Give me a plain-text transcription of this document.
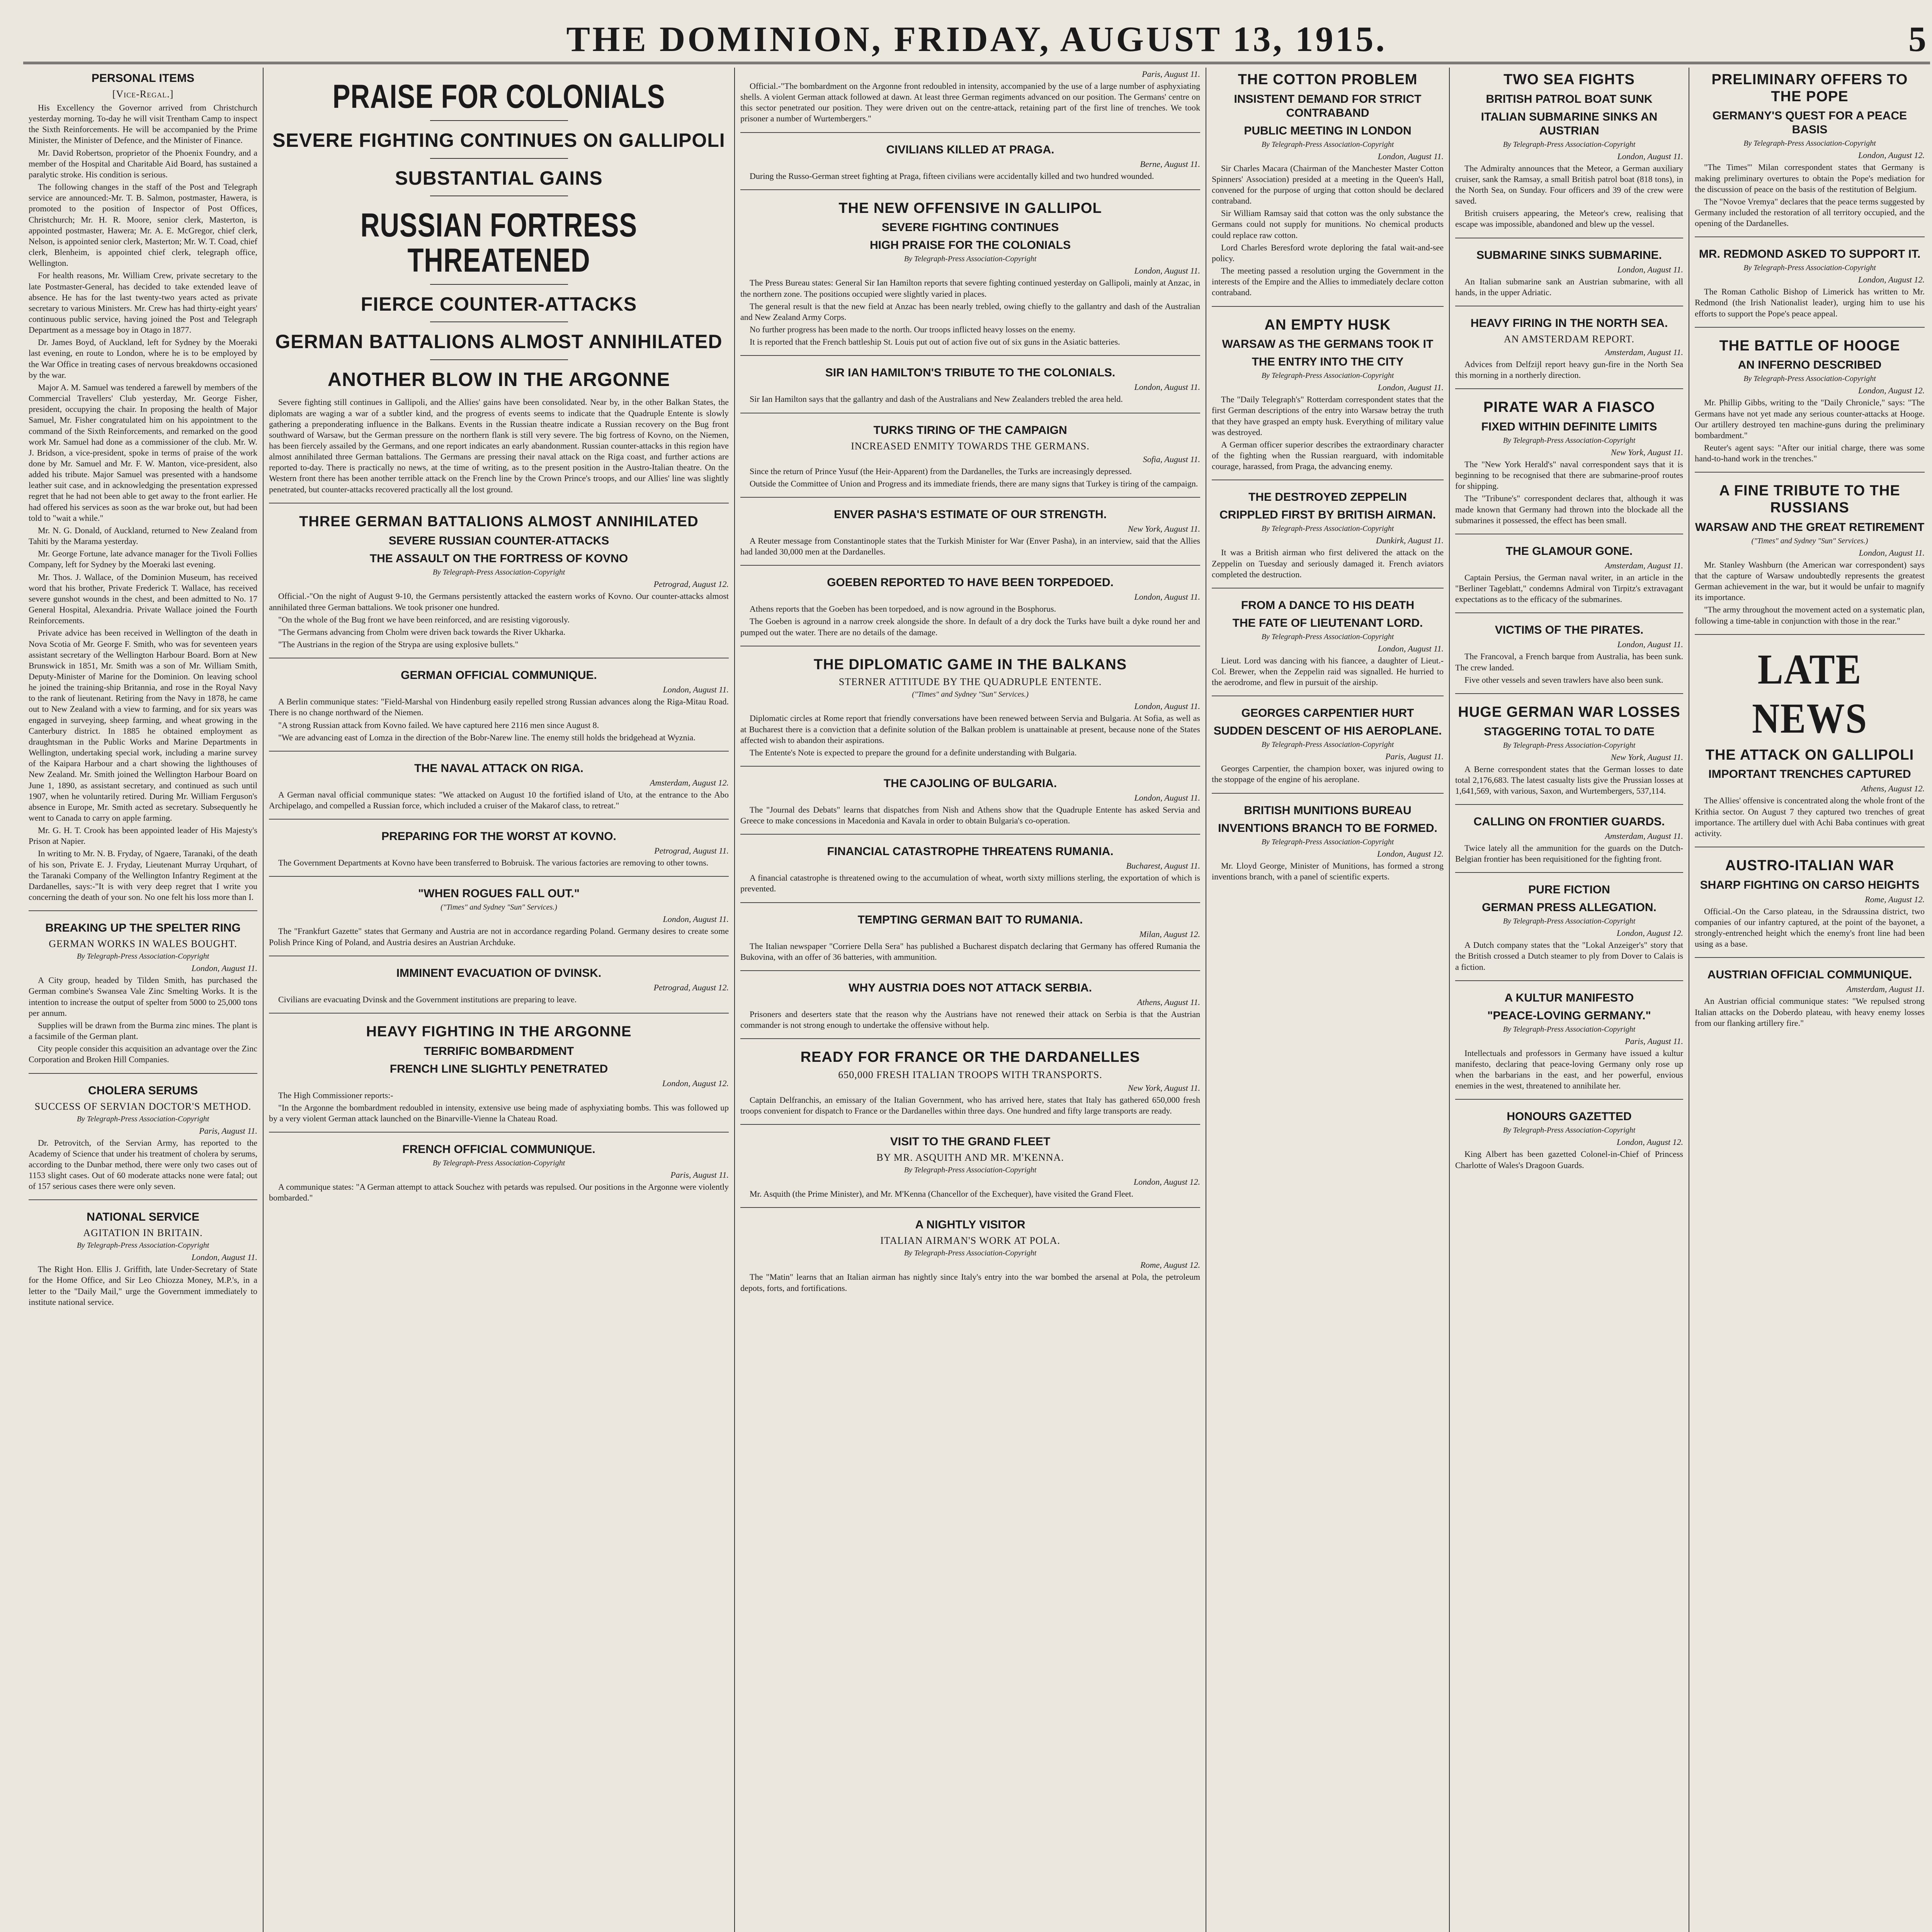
THE DOMINION, FRIDAY, AUGUST 13, 1915.	5
PERSONAL ITEMS
[Vice-Regal.]

His Excellency the Governor arrived from Christchurch yesterday morning. To-day he will visit Trentham Camp to inspect the Sixth Reinforcements. He will be accompanied by the Prime Minister, the Minister of Defence, and the Minister of Finance.

Mr. David Robertson, proprietor of the Phoenix Foundry, and a member of the Hospital and Charitable Aid Board, has sustained a paralytic stroke. His condition is serious.

The following changes in the staff of the Post and Telegraph service are announced:-Mr. T. B. Salmon, postmaster, Hawera, is promoted to the position of Inspector of Post Offices, Christchurch; Mr. H. R. Moore, senior clerk, Masterton, is appointed postmaster, Hawera; Mr. A. E. McGregor, chief clerk, Nelson, is appointed senior clerk, Masterton; Mr. W. T. Coad, chief clerk, Blenheim, is appointed chief clerk, telegraph office, Wellington.

For health reasons, Mr. William Crew, private secretary to the late Postmaster-General, has decided to take extended leave of absence. He has for the last twenty-two years acted as private secretary to various Ministers. Mr. Crew has had thirty-eight years' continuous public service, having joined the Post and Telegraph Department as a message boy in Otago in 1877.

Dr. James Boyd, of Auckland, left for Sydney by the Moeraki last evening, en route to London, where he is to be employed by the War Office in treating cases of nervous breakdowns occasioned by the war.

Major A. M. Samuel was tendered a farewell by members of the Commercial Travellers' Club yesterday, Mr. George Fisher, president, occupying the chair. In proposing the health of Major Samuel, Mr. Fisher congratulated him on his appointment to the command of the Sixth Reinforcements, and remarked on the good work Mr. Samuel had done as a commissioner of the club. Mr. W. J. Bridson, a vice-president, spoke in terms of praise of the work done by Mr. Samuel and Mr. F. W. Manton, vice-president, also added his tribute. Major Samuel was presented with a handsome leather suit case, and in acknowledging the presentation expressed regret that he had not been able to get away to the front earlier. He had offered his services as soon as the war broke out, but had been told to "wait a while."

Mr. N. G. Donald, of Auckland, returned to New Zealand from Tahiti by the Marama yesterday.

Mr. George Fortune, late advance manager for the Tivoli Follies Company, left for Sydney by the Moeraki last evening.

Mr. Thos. J. Wallace, of the Dominion Museum, has received word that his brother, Private Frederick T. Wallace, has received severe gunshot wounds in the chest, and been admitted to No. 17 General Hospital, Alexandria. Private Wallace joined the Fourth Reinforcements.

Private advice has been received in Wellington of the death in Nova Scotia of Mr. George F. Smith, who was for seventeen years assistant secretary of the Wellington Harbour Board. Born at New Brunswick in 1851, Mr. Smith was a son of Mr. William Smith, Deputy-Minister of Marine for the Dominion. On leaving school he joined the training-ship Britannia, and rose in the Royal Navy to the rank of lieutenant. Retiring from the Navy in 1878, he came out to New Zealand with a view to farming, and for six years was engaged in surveying, sheep farming, and wheat growing in the Canterbury district. In 1885 he obtained employment as draughtsman in the Public Works and Marine Departments in Wellington, undertaking special work, including a marine survey of the Kaipara Harbour and a chart showing the lighthouses of New Zealand. Mr. Smith joined the Wellington Harbour Board on June 1, 1890, as assistant secretary, and continued as such until 1907, when he voluntarily retired. During Mr. William Ferguson's absence in Europe, Mr. Smith acted as secretary. Subsequently he went to Canada to carry on apple farming.

Mr. G. H. T. Crook has been appointed leader of His Majesty's Prison at Napier.

In writing to Mr. N. B. Fryday, of Ngaere, Taranaki, of the death of his son, Private E. J. Fryday, Lieutenant Murray Urquhart, of the Taranaki Company of the Wellington Infantry Regiment at the Dardanelles, says:-"It is with very deep regret that I write you concerning the death of your son. No one felt his loss more than I.

BREAKING UP THE SPELTER RING
GERMAN WORKS IN WALES BOUGHT.
By Telegraph-Press Association-Copyright
London, August 11.

A City group, headed by Tilden Smith, has purchased the German combine's Swansea Vale Zinc Smelting Works. It is the intention to increase the output of spelter from 5000 to 25,000 tons per annum.

Supplies will be drawn from the Burma zinc mines. The plant is a facsimile of the German plant.

City people consider this acquisition an advantage over the Zinc Corporation and Broken Hill Companies.

CHOLERA SERUMS
SUCCESS OF SERVIAN DOCTOR'S METHOD.
By Telegraph-Press Association-Copyright
Paris, August 11.

Dr. Petrovitch, of the Servian Army, has reported to the Academy of Science that under his treatment of cholera by serums, according to the Dunbar method, there were only two cases out of 1153 slight cases. Out of 60 moderate attacks none were fatal; out of 157 serious cases there were only seven.

NATIONAL SERVICE
AGITATION IN BRITAIN.
By Telegraph-Press Association-Copyright
London, August 11.

The Right Hon. Ellis J. Griffith, late Under-Secretary of State for the Home Office, and Sir Leo Chiozza Money, M.P.'s, in a letter to the "Daily Mail," urge the Government immediately to institute national service.

PRAISE FOR COLONIALS
SEVERE FIGHTING CONTINUES ON GALLIPOLI
SUBSTANTIAL GAINS
RUSSIAN FORTRESS THREATENED
FIERCE COUNTER-ATTACKS
GERMAN BATTALIONS ALMOST ANNIHILATED
ANOTHER BLOW IN THE ARGONNE

Severe fighting still continues in Gallipoli, and the Allies' gains have been consolidated. Near by, in the other Balkan States, the diplomats are waging a war of a subtler kind, and the progress of events seems to indicate that the Quadruple Entente is slowly gathering a preponderating influence in the Balkans. Events in the Russian theatre indicate a Russian recovery on the Bug front southward of Warsaw, but the German pressure on the northern flank is still very severe. The big fortress of Kovno, on the Niemen, has been fiercely assailed by the Germans, and one report indicates an early abandonment. Russian counter-attacks in this region have almost annihilated three German battalions. The Germans are pressing their naval attack on the Riga coast, and further actions are reported to-day. There is practically no news, at the time of writing, as to the present position in the Austro-Italian theatre. On the Western front there has been another terrible attack on the French line by the Crown Prince's troops, and our Allies' line was slightly penetrated, but counter-attacks recovered practically all the lost ground.

THREE GERMAN BATTALIONS ALMOST ANNIHILATED
SEVERE RUSSIAN COUNTER-ATTACKS
THE ASSAULT ON THE FORTRESS OF KOVNO
By Telegraph-Press Association-Copyright
Petrograd, August 12.

Official.-"On the night of August 9-10, the Germans persistently attacked the eastern works of Kovno. Our counter-attacks almost annihilated three German battalions. We took prisoner one hundred.

"On the whole of the Bug front we have been reinforced, and are resisting vigorously.

"The Germans advancing from Cholm were driven back towards the River Ukharka.

"The Austrians in the region of the Strypa are using explosive bullets."

GERMAN OFFICIAL COMMUNIQUE.
London, August 11.

A Berlin communique states: "Field-Marshal von Hindenburg easily repelled strong Russian advances along the Riga-Mitau Road. There is no change northward of the Niemen.

"A strong Russian attack from Kovno failed. We have captured here 2116 men since August 8.

"We are advancing east of Lomza in the direction of the Bobr-Narew line. The enemy still holds the bridgehead at Wyznia.

THE NAVAL ATTACK ON RIGA.
Amsterdam, August 12.

A German naval official communique states: "We attacked on August 10 the fortified island of Uto, at the entrance to the Abo Archipelago, and compelled a Russian force, which included a cruiser of the Makarof class, to retreat."

PREPARING FOR THE WORST AT KOVNO.
Petrograd, August 11.

The Government Departments at Kovno have been transferred to Bobruisk. The various factories are removing to other towns.

"WHEN ROGUES FALL OUT."
("Times" and Sydney "Sun" Services.)
London, August 11.

The "Frankfurt Gazette" states that Germany and Austria are not in accordance regarding Poland. Germany desires to create some Polish Prince King of Poland, and Austria desires an Austrian Archduke.

IMMINENT EVACUATION OF DVINSK.
Petrograd, August 12.

Civilians are evacuating Dvinsk and the Government institutions are preparing to leave.

HEAVY FIGHTING IN THE ARGONNE
TERRIFIC BOMBARDMENT
FRENCH LINE SLIGHTLY PENETRATED
London, August 12.

The High Commissioner reports:-

"In the Argonne the bombardment redoubled in intensity, extensive use being made of asphyxiating bombs. This was followed up by a very violent German attack launched on the Binarville-Vienne la Chateau Road.

FRENCH OFFICIAL COMMUNIQUE.
By Telegraph-Press Association-Copyright
Paris, August 11.

A communique states: "A German attempt to attack Souchez with petards was repulsed. Our positions in the Argonne were violently bombarded."

Paris, August 11.

Official.-"The bombardment on the Argonne front redoubled in intensity, accompanied by the use of a large number of asphyxiating shells. A violent German attack followed at dawn. At least three German regiments advanced on our position. The Germans' centre on this sector penetrated our position. They were driven out on the centre-attack, retaining part of the first line of trenches. We took prisoner a number of Wurtembergers."

CIVILIANS KILLED AT PRAGA.
Berne, August 11.

During the Russo-German street fighting at Praga, fifteen civilians were accidentally killed and two hundred wounded.

THE NEW OFFENSIVE IN GALLIPOL
SEVERE FIGHTING CONTINUES
HIGH PRAISE FOR THE COLONIALS
By Telegraph-Press Association-Copyright
London, August 11.

The Press Bureau states: General Sir Ian Hamilton reports that severe fighting continued yesterday on Gallipoli, mainly at Anzac, in the northern zone. The positions occupied were slightly varied in places.

The general result is that the new field at Anzac has been nearly trebled, owing chiefly to the gallantry and dash of the Australian and New Zealand Army Corps.

No further progress has been made to the north. Our troops inflicted heavy losses on the enemy.

It is reported that the French battleship St. Louis put out of action five out of six guns in the Asiatic batteries.

SIR IAN HAMILTON'S TRIBUTE TO THE COLONIALS.
London, August 11.

Sir Ian Hamilton says that the gallantry and dash of the Australians and New Zealanders trebled the area held.

TURKS TIRING OF THE CAMPAIGN
INCREASED ENMITY TOWARDS THE GERMANS.
Sofia, August 11.

Since the return of Prince Yusuf (the Heir-Apparent) from the Dardanelles, the Turks are increasingly depressed.

Outside the Committee of Union and Progress and its immediate friends, there are many signs that Turkey is tiring of the campaign.

ENVER PASHA'S ESTIMATE OF OUR STRENGTH.
New York, August 11.

A Reuter message from Constantinople states that the Turkish Minister for War (Enver Pasha), in an interview, said that the Allies had landed 30,000 men at the Dardanelles.

GOEBEN REPORTED TO HAVE BEEN TORPEDOED.
London, August 11.

Athens reports that the Goeben has been torpedoed, and is now aground in the Bosphorus.

The Goeben is aground in a narrow creek alongside the shore. In default of a dry dock the Turks have built a dyke round her and pumped out the water. There are no details of the damage.

THE DIPLOMATIC GAME IN THE BALKANS
STERNER ATTITUDE BY THE QUADRUPLE ENTENTE.
("Times" and Sydney "Sun" Services.)
London, August 11.

Diplomatic circles at Rome report that friendly conversations have been renewed between Servia and Bulgaria. At Sofia, as well as at Bucharest there is a conviction that a definite solution of the Balkan problem is unattainable at present, because none of the States affected wish to abandon their aspirations.

The Entente's Note is expected to prepare the ground for a definite understanding with Bulgaria.

THE CAJOLING OF BULGARIA.
London, August 11.

The "Journal des Debats" learns that dispatches from Nish and Athens show that the Quadruple Entente has asked Servia and Greece to make concessions in Macedonia and Kavala in order to obtain Bulgaria's co-operation.

FINANCIAL CATASTROPHE THREATENS RUMANIA.
Bucharest, August 11.

A financial catastrophe is threatened owing to the accumulation of wheat, worth sixty millions sterling, the exportation of which is prevented.

TEMPTING GERMAN BAIT TO RUMANIA.
Milan, August 12.

The Italian newspaper "Corriere Della Sera" has published a Bucharest dispatch declaring that Germany has offered Rumania the Bukovina, with an offer of 36 batteries, with ammunition.

WHY AUSTRIA DOES NOT ATTACK SERBIA.
Athens, August 11.

Prisoners and deserters state that the reason why the Austrians have not renewed their attack on Serbia is that the Austrian commander is not strong enough to undertake the offensive without help.

READY FOR FRANCE OR THE DARDANELLES
650,000 FRESH ITALIAN TROOPS WITH TRANSPORTS.
New York, August 11.

Captain Delfranchis, an emissary of the Italian Government, who has arrived here, states that Italy has gathered 650,000 fresh troops convenient for dispatch to France or the Dardanelles within three days. One hundred and fifty large transports are ready.

VISIT TO THE GRAND FLEET
BY MR. ASQUITH AND MR. M'KENNA.
By Telegraph-Press Association-Copyright
London, August 12.

Mr. Asquith (the Prime Minister), and Mr. M'Kenna (Chancellor of the Exchequer), have visited the Grand Fleet.

A NIGHTLY VISITOR
ITALIAN AIRMAN'S WORK AT POLA.
By Telegraph-Press Association-Copyright
Rome, August 12.

The "Matin" learns that an Italian airman has nightly since Italy's entry into the war bombed the arsenal at Pola, the petroleum depots, forts, and fortifications.

THE COTTON PROBLEM
INSISTENT DEMAND FOR STRICT CONTRABAND
PUBLIC MEETING IN LONDON
By Telegraph-Press Association-Copyright
London, August 11.

Sir Charles Macara (Chairman of the Manchester Master Cotton Spinners' Association) presided at a meeting in the Queen's Hall, convened for the purpose of urging that cotton should be declared contraband.

Sir William Ramsay said that cotton was the only substance the Germans could not supply for munitions. No chemical products could replace raw cotton.

Lord Charles Beresford wrote deploring the fatal wait-and-see policy.

The meeting passed a resolution urging the Government in the interests of the Empire and the Allies to immediately declare cotton contraband.

AN EMPTY HUSK
WARSAW AS THE GERMANS TOOK IT
THE ENTRY INTO THE CITY
By Telegraph-Press Association-Copyright
London, August 11.

The "Daily Telegraph's" Rotterdam correspondent states that the first German descriptions of the entry into Warsaw betray the truth that they have grasped an empty husk. Everything of military value was destroyed.

A German officer superior describes the extraordinary character of the fighting when the Russian rearguard, with indomitable courage, harassed, from Praga, the advancing enemy.

THE DESTROYED ZEPPELIN
CRIPPLED FIRST BY BRITISH AIRMAN.
By Telegraph-Press Association-Copyright
Dunkirk, August 11.

It was a British airman who first delivered the attack on the Zeppelin on Tuesday and seriously damaged it. French aviators completed the destruction.

FROM A DANCE TO HIS DEATH
THE FATE OF LIEUTENANT LORD.
By Telegraph-Press Association-Copyright
London, August 11.

Lieut. Lord was dancing with his fiancee, a daughter of Lieut.-Col. Brewer, when the Zeppelin raid was signalled. He hurried to the aerodrome, and flew in pursuit of the airship.

GEORGES CARPENTIER HURT
SUDDEN DESCENT OF HIS AEROPLANE.
By Telegraph-Press Association-Copyright
Paris, August 11.

Georges Carpentier, the champion boxer, was injured owing to the stoppage of the engine of his aeroplane.

BRITISH MUNITIONS BUREAU
INVENTIONS BRANCH TO BE FORMED.
By Telegraph-Press Association-Copyright
London, August 12.

Mr. Lloyd George, Minister of Munitions, has formed a strong inventions branch, with a panel of scientific experts.

TWO SEA FIGHTS
BRITISH PATROL BOAT SUNK
ITALIAN SUBMARINE SINKS AN AUSTRIAN
By Telegraph-Press Association-Copyright
London, August 11.

The Admiralty announces that the Meteor, a German auxiliary cruiser, sank the Ramsay, a small British patrol boat (818 tons), in the North Sea, on Sunday. Four officers and 39 of the crew were saved.

British cruisers appearing, the Meteor's crew, realising that escape was impossible, abandoned and blew up the vessel.

SUBMARINE SINKS SUBMARINE.
London, August 11.

An Italian submarine sank an Austrian submarine, with all hands, in the upper Adriatic.

HEAVY FIRING IN THE NORTH SEA.
AN AMSTERDAM REPORT.
Amsterdam, August 11.

Advices from Delfzijl report heavy gun-fire in the North Sea this morning in a northerly direction.

PIRATE WAR A FIASCO
FIXED WITHIN DEFINITE LIMITS
By Telegraph-Press Association-Copyright
New York, August 11.

The "New York Herald's" naval correspondent says that it is beginning to be recognised that there are submarine-proof routes for shipping.

The "Tribune's" correspondent declares that, although it was made known that Germany had thrown into the blockade all the submarines it possessed, the effect has been small.

THE GLAMOUR GONE.
Amsterdam, August 11.

Captain Persius, the German naval writer, in an article in the "Berliner Tageblatt," condemns Admiral von Tirpitz's extravagant expectations as to the efficacy of the submarines.

VICTIMS OF THE PIRATES.
London, August 11.

The Francoval, a French barque from Australia, has been sunk. The crew landed.

Five other vessels and seven trawlers have also been sunk.

HUGE GERMAN WAR LOSSES
STAGGERING TOTAL TO DATE
By Telegraph-Press Association-Copyright
New York, August 11.

A Berne correspondent states that the German losses to date total 2,176,683. The latest casualty lists give the Prussian losses at 1,641,569, with various, Saxon, and Wurtembergers, 537,114.

CALLING ON FRONTIER GUARDS.
Amsterdam, August 11.

Twice lately all the ammunition for the guards on the Dutch-Belgian frontier has been requisitioned for the fighting front.

PURE FICTION
GERMAN PRESS ALLEGATION.
By Telegraph-Press Association-Copyright
London, August 12.

A Dutch company states that the "Lokal Anzeiger's" story that the British crossed a Dutch steamer to ply from Dover to Calais is a fiction.

A KULTUR MANIFESTO
"PEACE-LOVING GERMANY."
By Telegraph-Press Association-Copyright
Paris, August 11.

Intellectuals and professors in Germany have issued a kultur manifesto, declaring that peace-loving Germany only rose up when the barbarians in the east, and her powerful, envious enemies in the west, threatened to annihilate her.

HONOURS GAZETTED
By Telegraph-Press Association-Copyright
London, August 12.

King Albert has been gazetted Colonel-in-Chief of Princess Charlotte of Wales's Dragoon Guards.

PRELIMINARY OFFERS TO THE POPE
GERMANY'S QUEST FOR A PEACE BASIS
By Telegraph-Press Association-Copyright
London, August 12.

"The Times'" Milan correspondent states that Germany is making preliminary overtures to obtain the Pope's mediation for the discussion of peace on the basis of the restitution of Belgium.

The "Novoe Vremya" declares that the peace terms suggested by Germany included the restoration of all territory occupied, and the opening of the Dardanelles.

MR. REDMOND ASKED TO SUPPORT IT.
By Telegraph-Press Association-Copyright
London, August 12.

The Roman Catholic Bishop of Limerick has written to Mr. Redmond (the Irish Nationalist leader), urging him to use his efforts to support the Pope's peace appeal.

THE BATTLE OF HOOGE
AN INFERNO DESCRIBED
By Telegraph-Press Association-Copyright
London, August 12.

Mr. Phillip Gibbs, writing to the "Daily Chronicle," says: "The Germans have not yet made any serious counter-attacks at Hooge. Our artillery destroyed ten machine-guns during the preliminary bombardment."

Reuter's agent says: "After our initial charge, there was some hand-to-hand work in the trenches."

A FINE TRIBUTE TO THE RUSSIANS
WARSAW AND THE GREAT RETIREMENT
("Times" and Sydney "Sun" Services.)
London, August 11.

Mr. Stanley Washburn (the American war correspondent) says that the capture of Warsaw undoubtedly represents the greatest German achievement in the war, but it would be unfair to magnify its importance.

"The army throughout the movement acted on a systematic plan, following a time-table in conjunction with those in the rear."

LATE NEWS
THE ATTACK ON GALLIPOLI
IMPORTANT TRENCHES CAPTURED
Athens, August 12.

The Allies' offensive is concentrated along the whole front of the Krithia sector. On August 7 they captured two trenches of great importance. The artillery duel with Achi Baba continues with great activity.

AUSTRO-ITALIAN WAR
SHARP FIGHTING ON CARSO HEIGHTS
Rome, August 12.

Official.-On the Carso plateau, in the Sdraussina district, two companies of our infantry captured, at the point of the bayonet, a strongly-entrenched height which the enemy's front line had been using as a base.

AUSTRIAN OFFICIAL COMMUNIQUE.
Amsterdam, August 11.

An Austrian official communique states: "We repulsed strong Italian attacks on the Doberdo plateau, with heavy enemy losses from our flanking artillery fire."
